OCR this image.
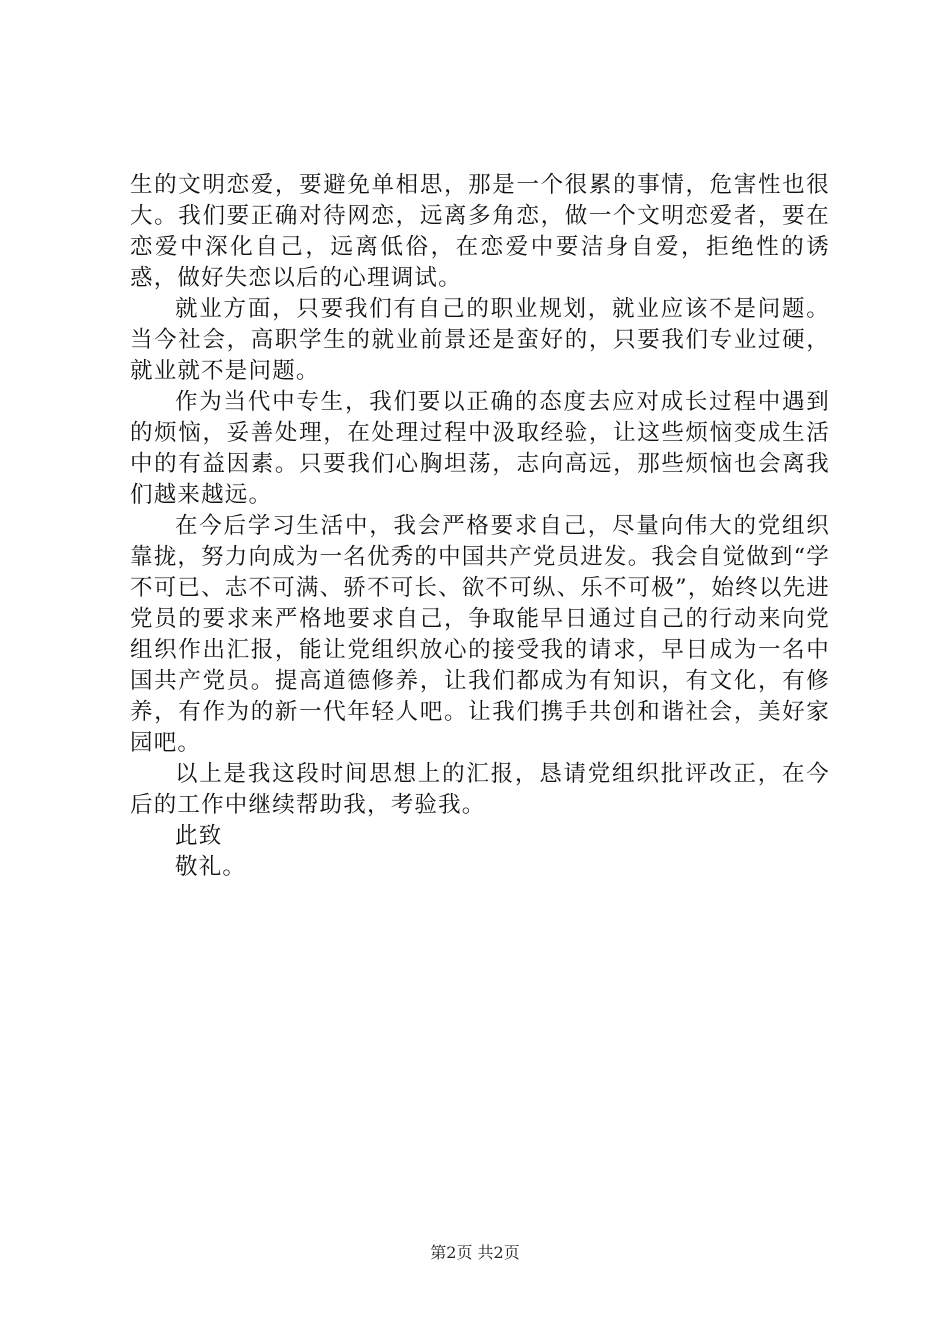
生的文明恋爱，要避免单相思，那是一个很累的事情，危害性也很大。我们要正确对待网恋，远离多角恋，做一个文明恋爱者，要在恋爱中深化自己，远离低俗，在恋爱中要洁身自爱，拒绝性的诱惑，做好失恋以后的心理调试。

就业方面，只要我们有自己的职业规划，就业应该不是问题。当今社会，高职学生的就业前景还是蛮好的，只要我们专业过硬，就业就不是问题。

作为当代中专生，我们要以正确的态度去应对成长过程中遇到的烦恼，妥善处理，在处理过程中汲取经验，让这些烦恼变成生活中的有益因素。只要我们心胸坦荡，志向高远，那些烦恼也会离我们越来越远。

在今后学习生活中，我会严格要求自己，尽量向伟大的党组织靠拢，努力向成为一名优秀的中国共产党员进发。我会自觉做到“学不可已、志不可满、骄不可长、欲不可纵、乐不可极”，始终以先进党员的要求来严格地要求自己，争取能早日通过自己的行动来向党组织作出汇报，能让党组织放心的接受我的请求，早日成为一名中国共产党员。提高道德修养，让我们都成为有知识，有文化，有修养，有作为的新一代年轻人吧。让我们携手共创和谐社会，美好家园吧。

以上是我这段时间思想上的汇报，恳请党组织批评改正，在今后的工作中继续帮助我，考验我。

此致

敬礼。

第2页 共2页
